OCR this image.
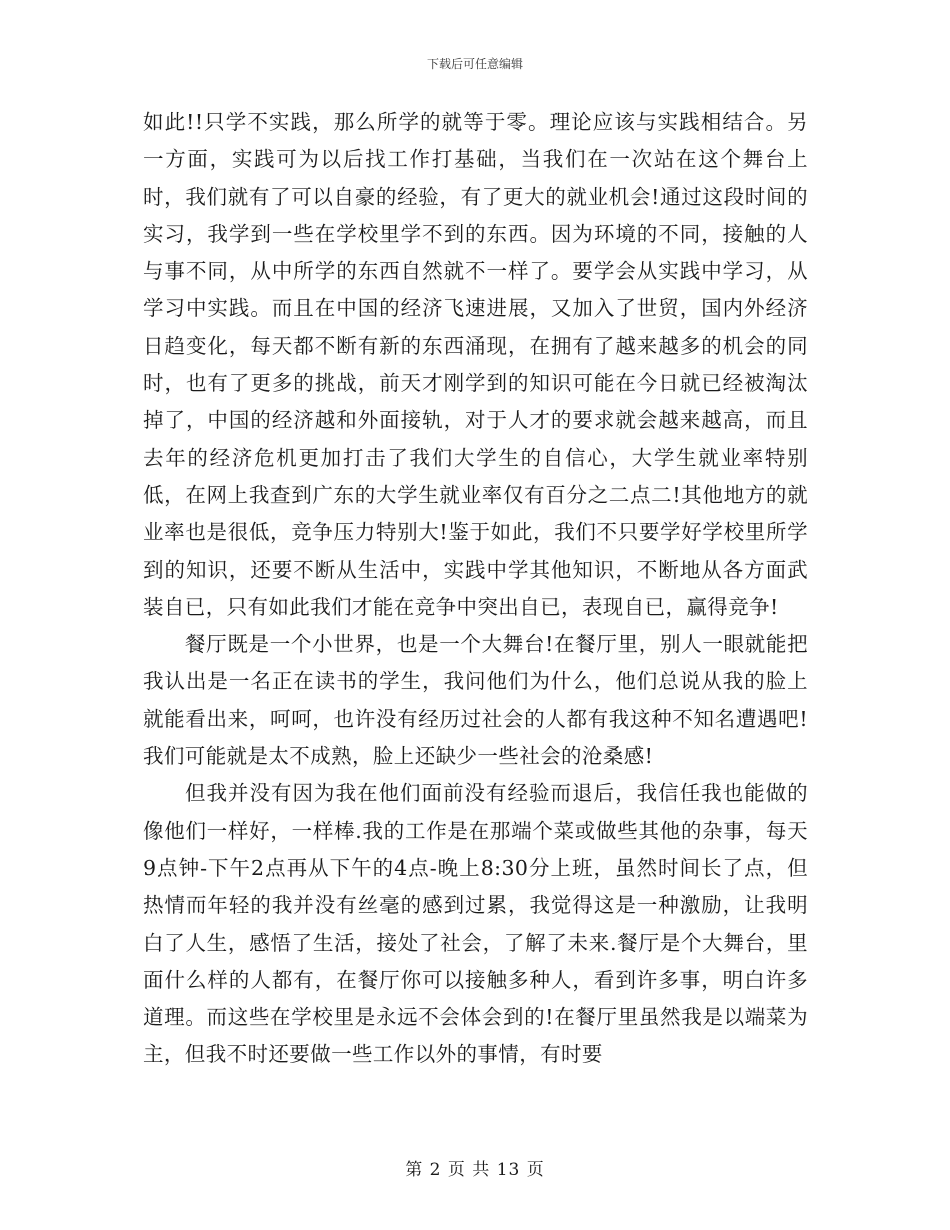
下载后可任意编辑

如此!!只学不实践，那么所学的就等于零。理论应该与实践相结合。另一方面，实践可为以后找工作打基础，当我们在一次站在这个舞台上时，我们就有了可以自豪的经验，有了更大的就业机会!通过这段时间的实习，我学到一些在学校里学不到的东西。因为环境的不同，接触的人与事不同，从中所学的东西自然就不一样了。要学会从实践中学习，从学习中实践。而且在中国的经济飞速进展，又加入了世贸，国内外经济日趋变化，每天都不断有新的东西涌现，在拥有了越来越多的机会的同时，也有了更多的挑战，前天才刚学到的知识可能在今日就已经被淘汰掉了，中国的经济越和外面接轨，对于人才的要求就会越来越高，而且去年的经济危机更加打击了我们大学生的自信心，大学生就业率特别低，在网上我查到广东的大学生就业率仅有百分之二点二!其他地方的就业率也是很低，竞争压力特别大!鉴于如此，我们不只要学好学校里所学到的知识，还要不断从生活中，实践中学其他知识，不断地从各方面武装自已，只有如此我们才能在竞争中突出自已，表现自已，赢得竞争!

餐厅既是一个小世界，也是一个大舞台!在餐厅里，别人一眼就能把我认出是一名正在读书的学生，我问他们为什么，他们总说从我的脸上就能看出来，呵呵，也许没有经历过社会的人都有我这种不知名遭遇吧!我们可能就是太不成熟，脸上还缺少一些社会的沧桑感!

但我并没有因为我在他们面前没有经验而退后，我信任我也能做的像他们一样好，一样棒.我的工作是在那端个菜或做些其他的杂事，每天9点钟-下午2点再从下午的4点-晚上8:30分上班，虽然时间长了点，但热情而年轻的我并没有丝毫的感到过累，我觉得这是一种激励，让我明白了人生，感悟了生活，接处了社会，了解了未来.餐厅是个大舞台，里面什么样的人都有，在餐厅你可以接触多种人，看到许多事，明白许多道理。而这些在学校里是永远不会体会到的!在餐厅里虽然我是以端菜为主，但我不时还要做一些工作以外的事情，有时要

第 2 页 共 13 页
